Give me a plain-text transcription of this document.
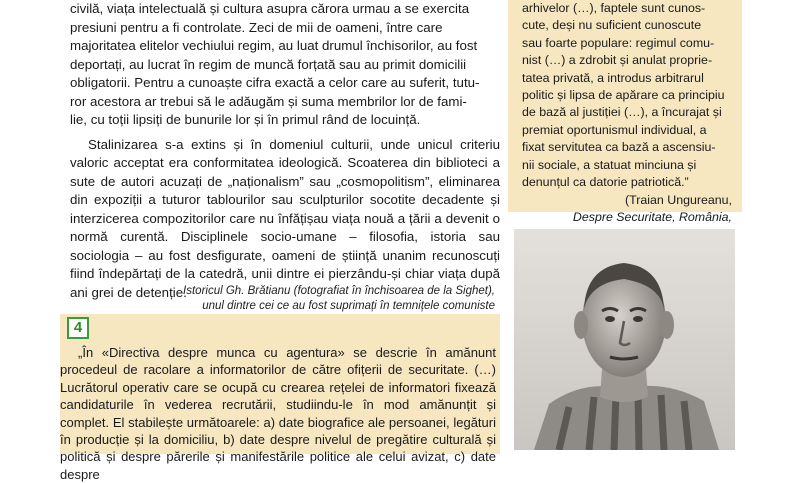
civilă, viața intelectuală și cultura asupra cărora urmau a se exercita
presiuni pentru a fi controlate. Zeci de mii de oameni, între care
majoritatea elitelor vechiului regim, au luat drumul închisorilor, au fost
deportați, au lucrat în regim de muncă forțată sau au primit domicilii
obligatorii. Pentru a cunoaște cifra exactă a celor care au suferit, tutu-
ror acestora ar trebui să le adăugăm și suma membrilor lor de fami-
lie, cu toții lipsiți de bunurile lor și în primul rând de locuință.

Stalinizarea s-a extins și în domeniul culturii, unde unicul criteriu valoric acceptat era conformitatea ideologică. Scoaterea din biblioteci a sute de autori acuzați de „naționalism” sau „cosmopolitism”, eliminarea din expoziții a tuturor tablourilor sau sculpturilor socotite decadente și interzicerea compozitorilor care nu înfățișau viața nouă a țării a devenit o normă curentă. Disciplinele socio-umane – filosofia, istoria sau sociologia – au fost desfigurate, oameni de știință unanim recunoscuți fiind îndepărtați de la catedră, unii dintre ei pierzându-și chiar viața după ani grei de detenție.

Istoricul Gh. Brătianu (fotografiat în închisoarea de la Sighet),
unul dintre cei ce au fost suprimați în temnițele comuniste

arhivelor (…), faptele sunt cunos-
cute, deși nu suficient cunoscute
sau foarte populare: regimul comu-
nist (…) a zdrobit și anulat proprie-
tatea privată, a introdus arbitrarul
politic și lipsa de apărare ca principiu
de bază al justiției (…), a încurajat și
premiat oportunismul individual, a
fixat servitutea ca bază a ascensiu-
nii sociale, a statuat minciuna și
denunțul ca datorie patriotică.”

(Traian Ungureanu,
Despre Securitate, România,

4

„În «Directiva despre munca cu agentura» se descrie în amănunt procedeul de racolare a informatorilor de către ofițerii de securitate. (…) Lucrătorul operativ care se ocupă cu crearea rețelei de informatori fixează candidaturile în vederea recrutării, studiindu-le în mod amănunțit și complet. El stabilește următoarele: a) date biografice ale persoanei, legături în producție și la domiciliu, b) date despre nivelul de pregătire culturală și politică și despre părerile și manifestările politice ale celui avizat, c) date despre
